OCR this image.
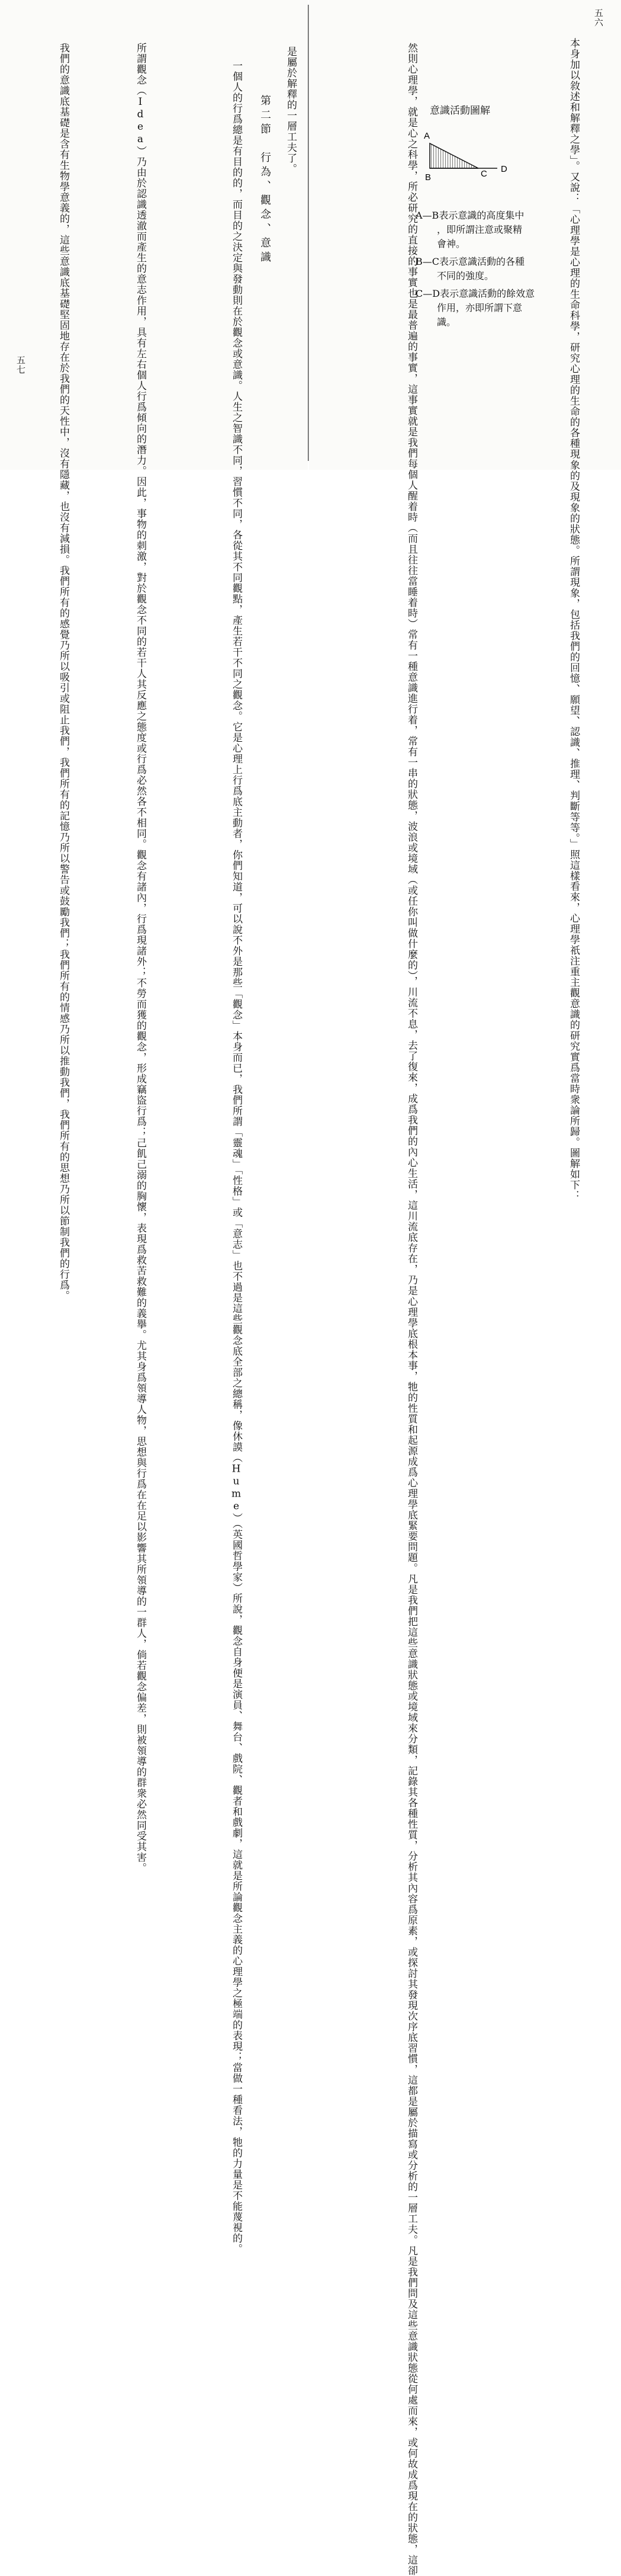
五六
本身加以敘述和解釋之學」。又說：「心理學是心理的生命科學，研究心理的生命的各種現
象的及現象的狀態。所謂現象，包括我們的回憶、願望、認識、推理、判斷等等。」照這樣
看來，心理學祇注重主觀意識的研究實爲當時衆論所歸。圖解如下：
意識活動圖解
A
B	C D
A—B表示意識的高度集中
，即所謂注意或聚精
會神。
B—C表示意識活動的各種
不同的強度。
C—D表示意識活動的餘效意
作用，亦即所謂下意
識。
然則心理學，就是心之科學，所必研究的直接的事實也是最普遍的事實，這事實就是我
們每個人醒着時（而且往往當睡着時）常有一種意識進行着，常有一串的狀態，波浪或境域
（或任你叫做什麼的），川流不息，去了復來，成爲我們的內心生活，這川流底存在，乃是
心理學底根本事，牠的性質和起源成爲心理學底緊要問題。凡是我們把這些意識狀態或境域
來分類，記錄其各種性質，分析其內容爲原素，或探討其發現次序底習慣，這都是屬於描寫
或分析的一層工夫。凡是我們問及這些意識狀態從何處而來，或何故成爲現在的狀態，這卻
是屬於解釋的一層工夫了。
第二節　行為、觀念、意識
一個人的行爲總是有目的的，而目的之決定與發動則在於觀念或意識。
人生之智識不同，習慣不同，各從其不同觀點，產生若干不同之觀念。
它是心理上行爲底主動者，你們知道，可以說不外是那些「觀念」本身而已，我們所謂
「靈魂」「性格」或「意志」也不過是這些觀念底全部之總稱，像休謨（Hume）（英國哲學
家）所說，觀念自身便是演員、舞台、戲院、觀者和戲劇，這就是所論觀念主義的心理學之
極端的表現；當做一種看法，牠的力量是不能蔑視的。
所謂觀念（Idea）乃由於認識透澈而產生的意志作用，具有左右個人行爲傾向的潛力。
因此，事物的刺激，對於觀念不同的若干人其反應之態度或行爲必然各不相同。觀念有諸內，
行爲現諸外；不勞而獲的觀念，形成竊盜行爲；己飢己溺的胸懷，表現爲救苦救難的義擧。
尤其身爲領導人物，思想與行爲在在足以影響其所領導的一群人，倘若觀念偏差，則被領導
的群衆必然同受其害。
我們的意識底基礎是含有生物學意義的，這些意識底基礎堅固地存在於我們的天性中，
沒有隱藏，也沒有減損。我們所有的感覺乃所以吸引或阻止我們，我們所有的記憶乃所以警
告或鼓勵我們；我們所有的情感乃所以推動我們，我們所有的思想乃所以節制我們的行爲。
五七
